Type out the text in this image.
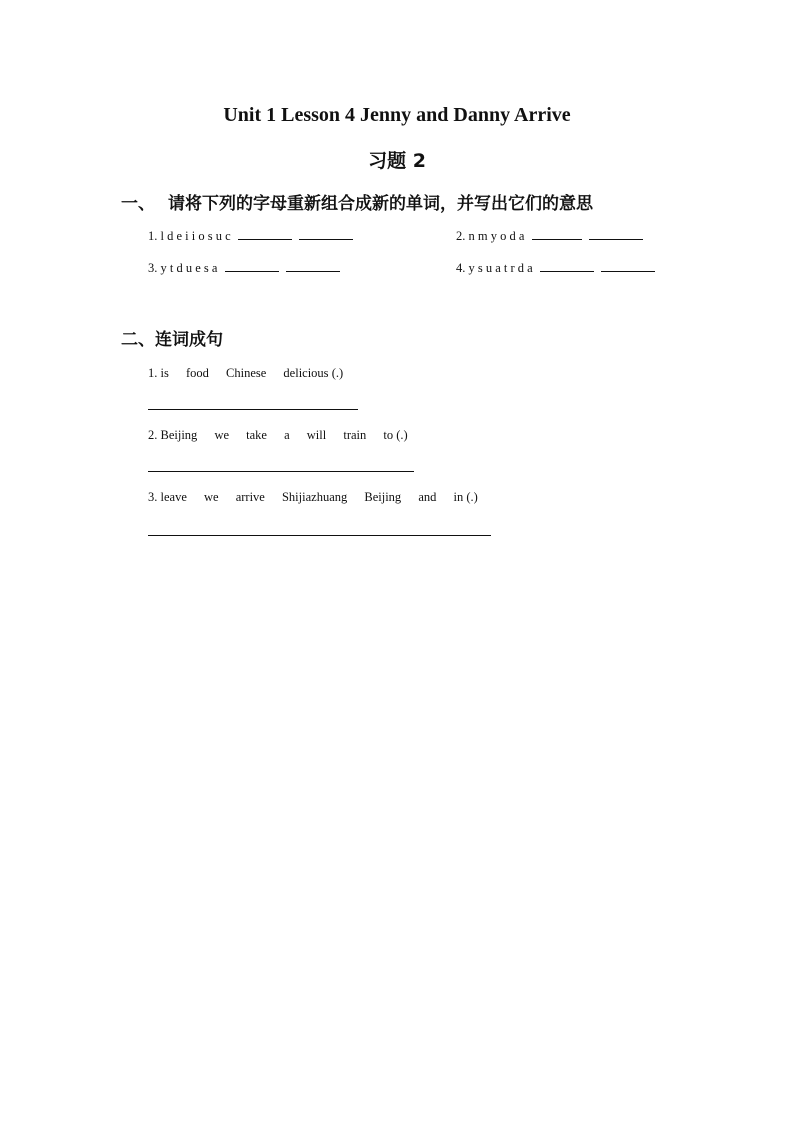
Unit 1 Lesson 4 Jenny and Danny Arrive
习题 2
一、 请将下列的字母重新组合成新的单词，并写出它们的意思
1. l d e i i o s u c	2. n m y o d a
3. y t d u e s a	4. y s u a t r d a
二、连词成句
1. is food Chinese delicious (.)
2. Beijing we take a will train to (.)
3. leave we arrive Shijiazhuang Beijing and in (.)
